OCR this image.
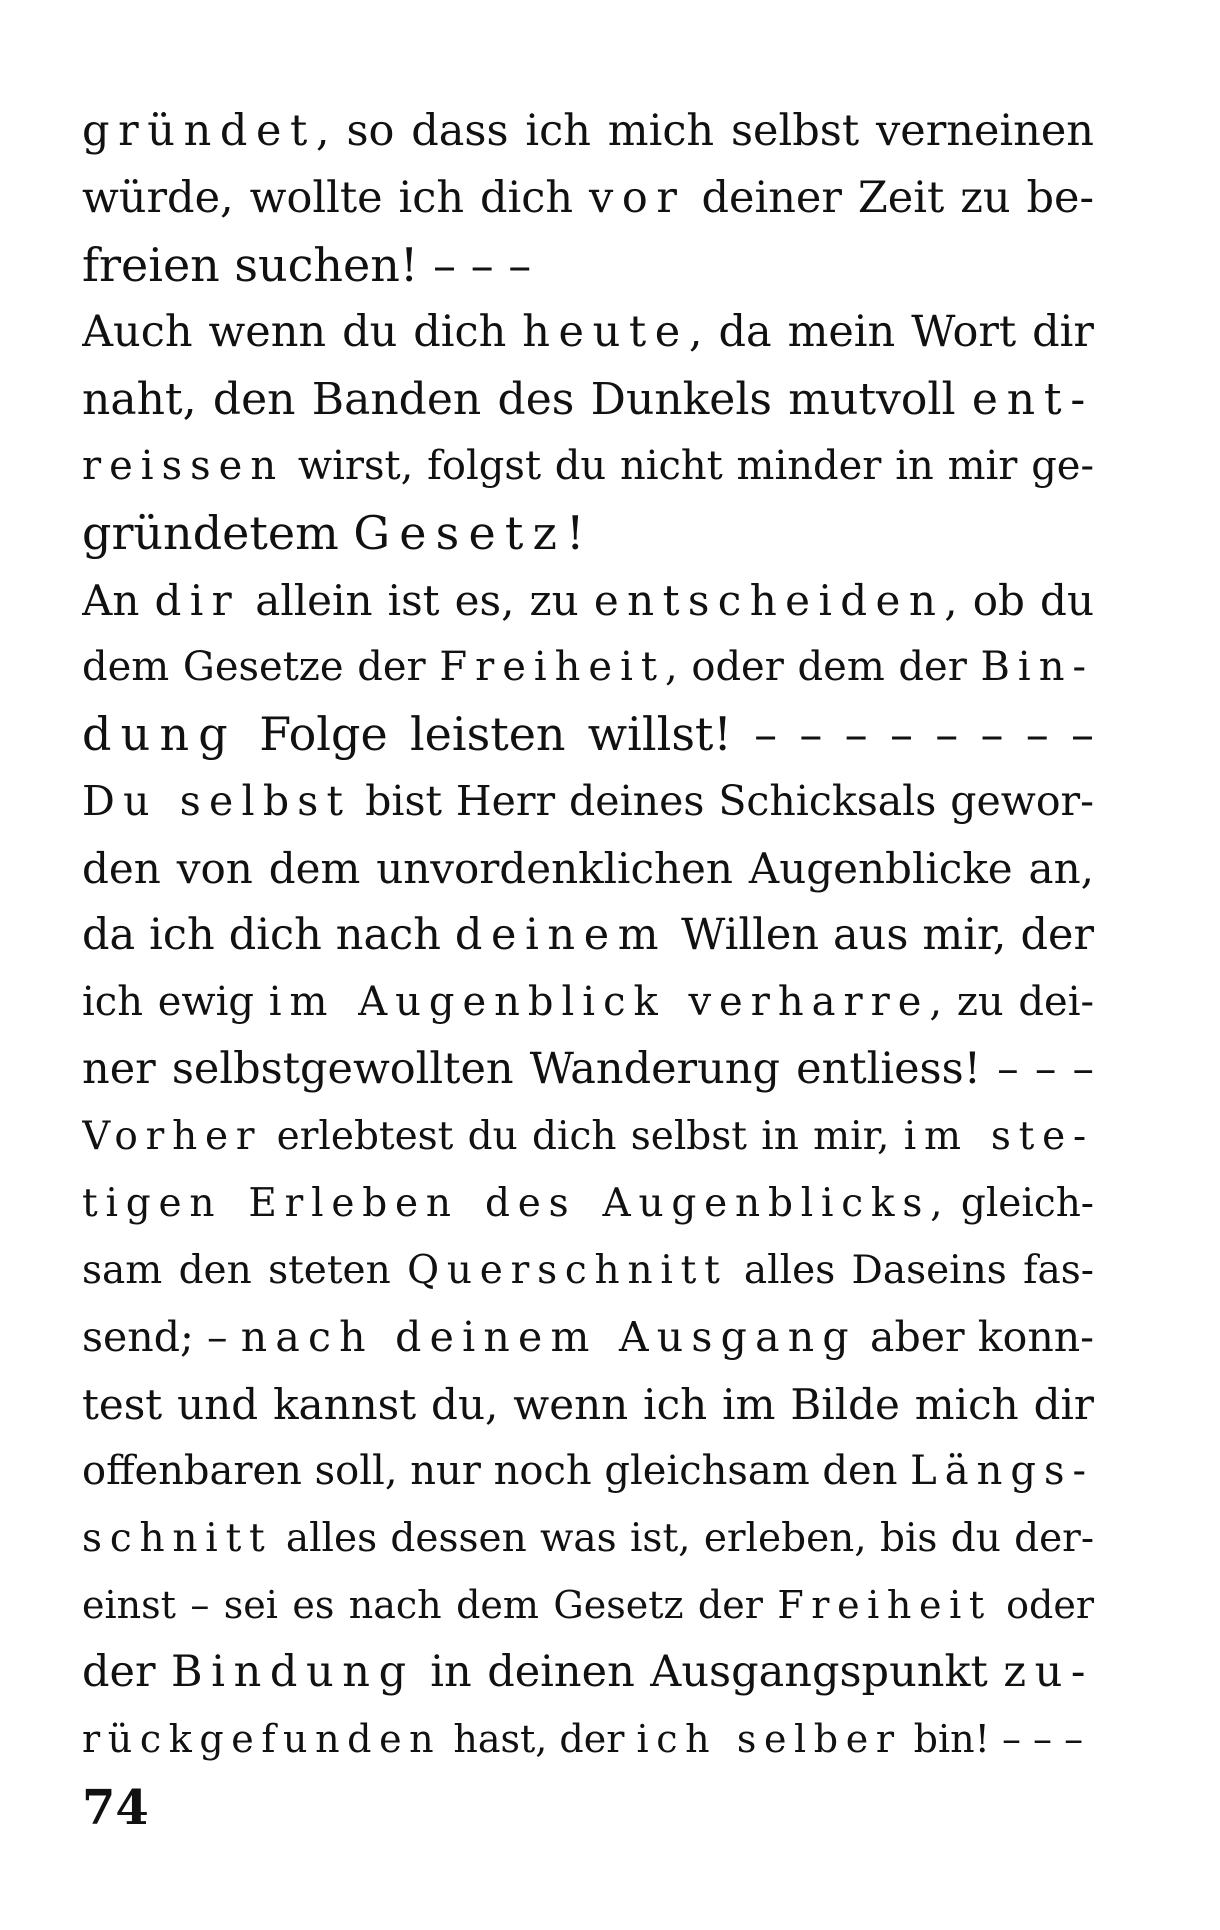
gründet, so dass ich mich selbst verneinen
würde, wollte ich dich vor deiner Zeit zu be-
freien suchen! – – –
Auch wenn du dich heute, da mein Wort dir
naht, den Banden des Dunkels mutvoll ent-
reissen wirst, folgst du nicht minder in mir ge-
gründetem Gesetz!
An dir allein ist es, zu entscheiden, ob du
dem Gesetze der Freiheit, oder dem der Bin-
dung Folge leisten willst! – – – – – – – –
Du selbst bist Herr deines Schicksals gewor-
den von dem unvordenklichen Augenblicke an,
da ich dich nach deinem Willen aus mir, der
ich ewig im Augenblick verharre, zu dei-
ner selbstgewollten Wanderung entliess! – – –
Vorher erlebtest du dich selbst in mir, im ste-
tigen Erleben des Augenblicks, gleich-
sam den steten Querschnitt alles Daseins fas-
send; – nach deinem Ausgang aber konn-
test und kannst du, wenn ich im Bilde mich dir
offenbaren soll, nur noch gleichsam den Längs-
schnitt alles dessen was ist, erleben, bis du der-
einst – sei es nach dem Gesetz der Freiheit oder
der Bindung in deinen Ausgangspunkt zu-
rückgefunden hast, der ich selber bin! – – –
74
